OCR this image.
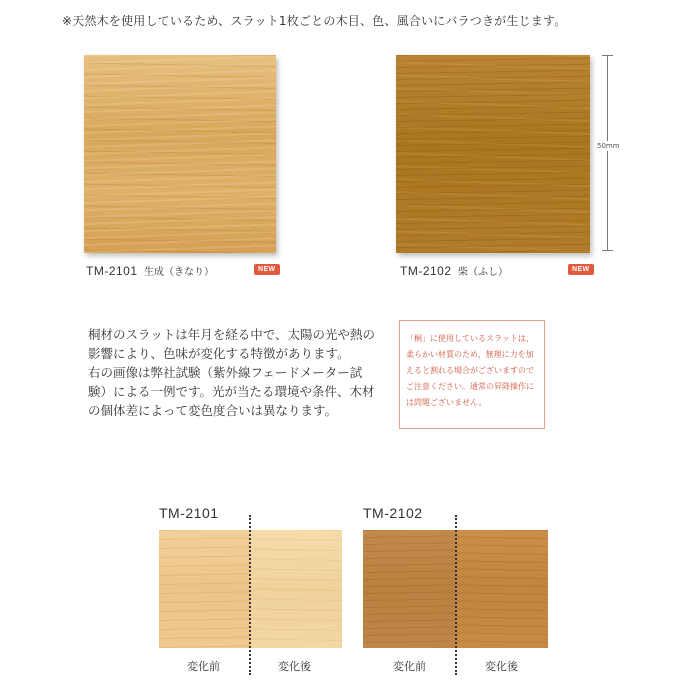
※天然木を使用しているため、スラット1枚ごとの木目、色、風合いにバラつきが生じます。
TM-2101 生成（きなり）	NEW	TM-2102 柴（ふし）	NEW
50mm

桐材のスラットは年月を経る中で、太陽の光や熱の影響により、色味が変化する特徴があります。

右の画像は弊社試験（紫外線フェードメーター試験）による一例です。光が当たる環境や条件、木材の個体差によって変色度合いは異なります。

「桐」に使用しているスラットは、柔らかい材質のため、無理に力を加えると割れる場合がございますのでご注意ください。通常の昇降操作には問題ございません。
TM-2101
変化前	変化後
TM-2102
変化前	変化後
